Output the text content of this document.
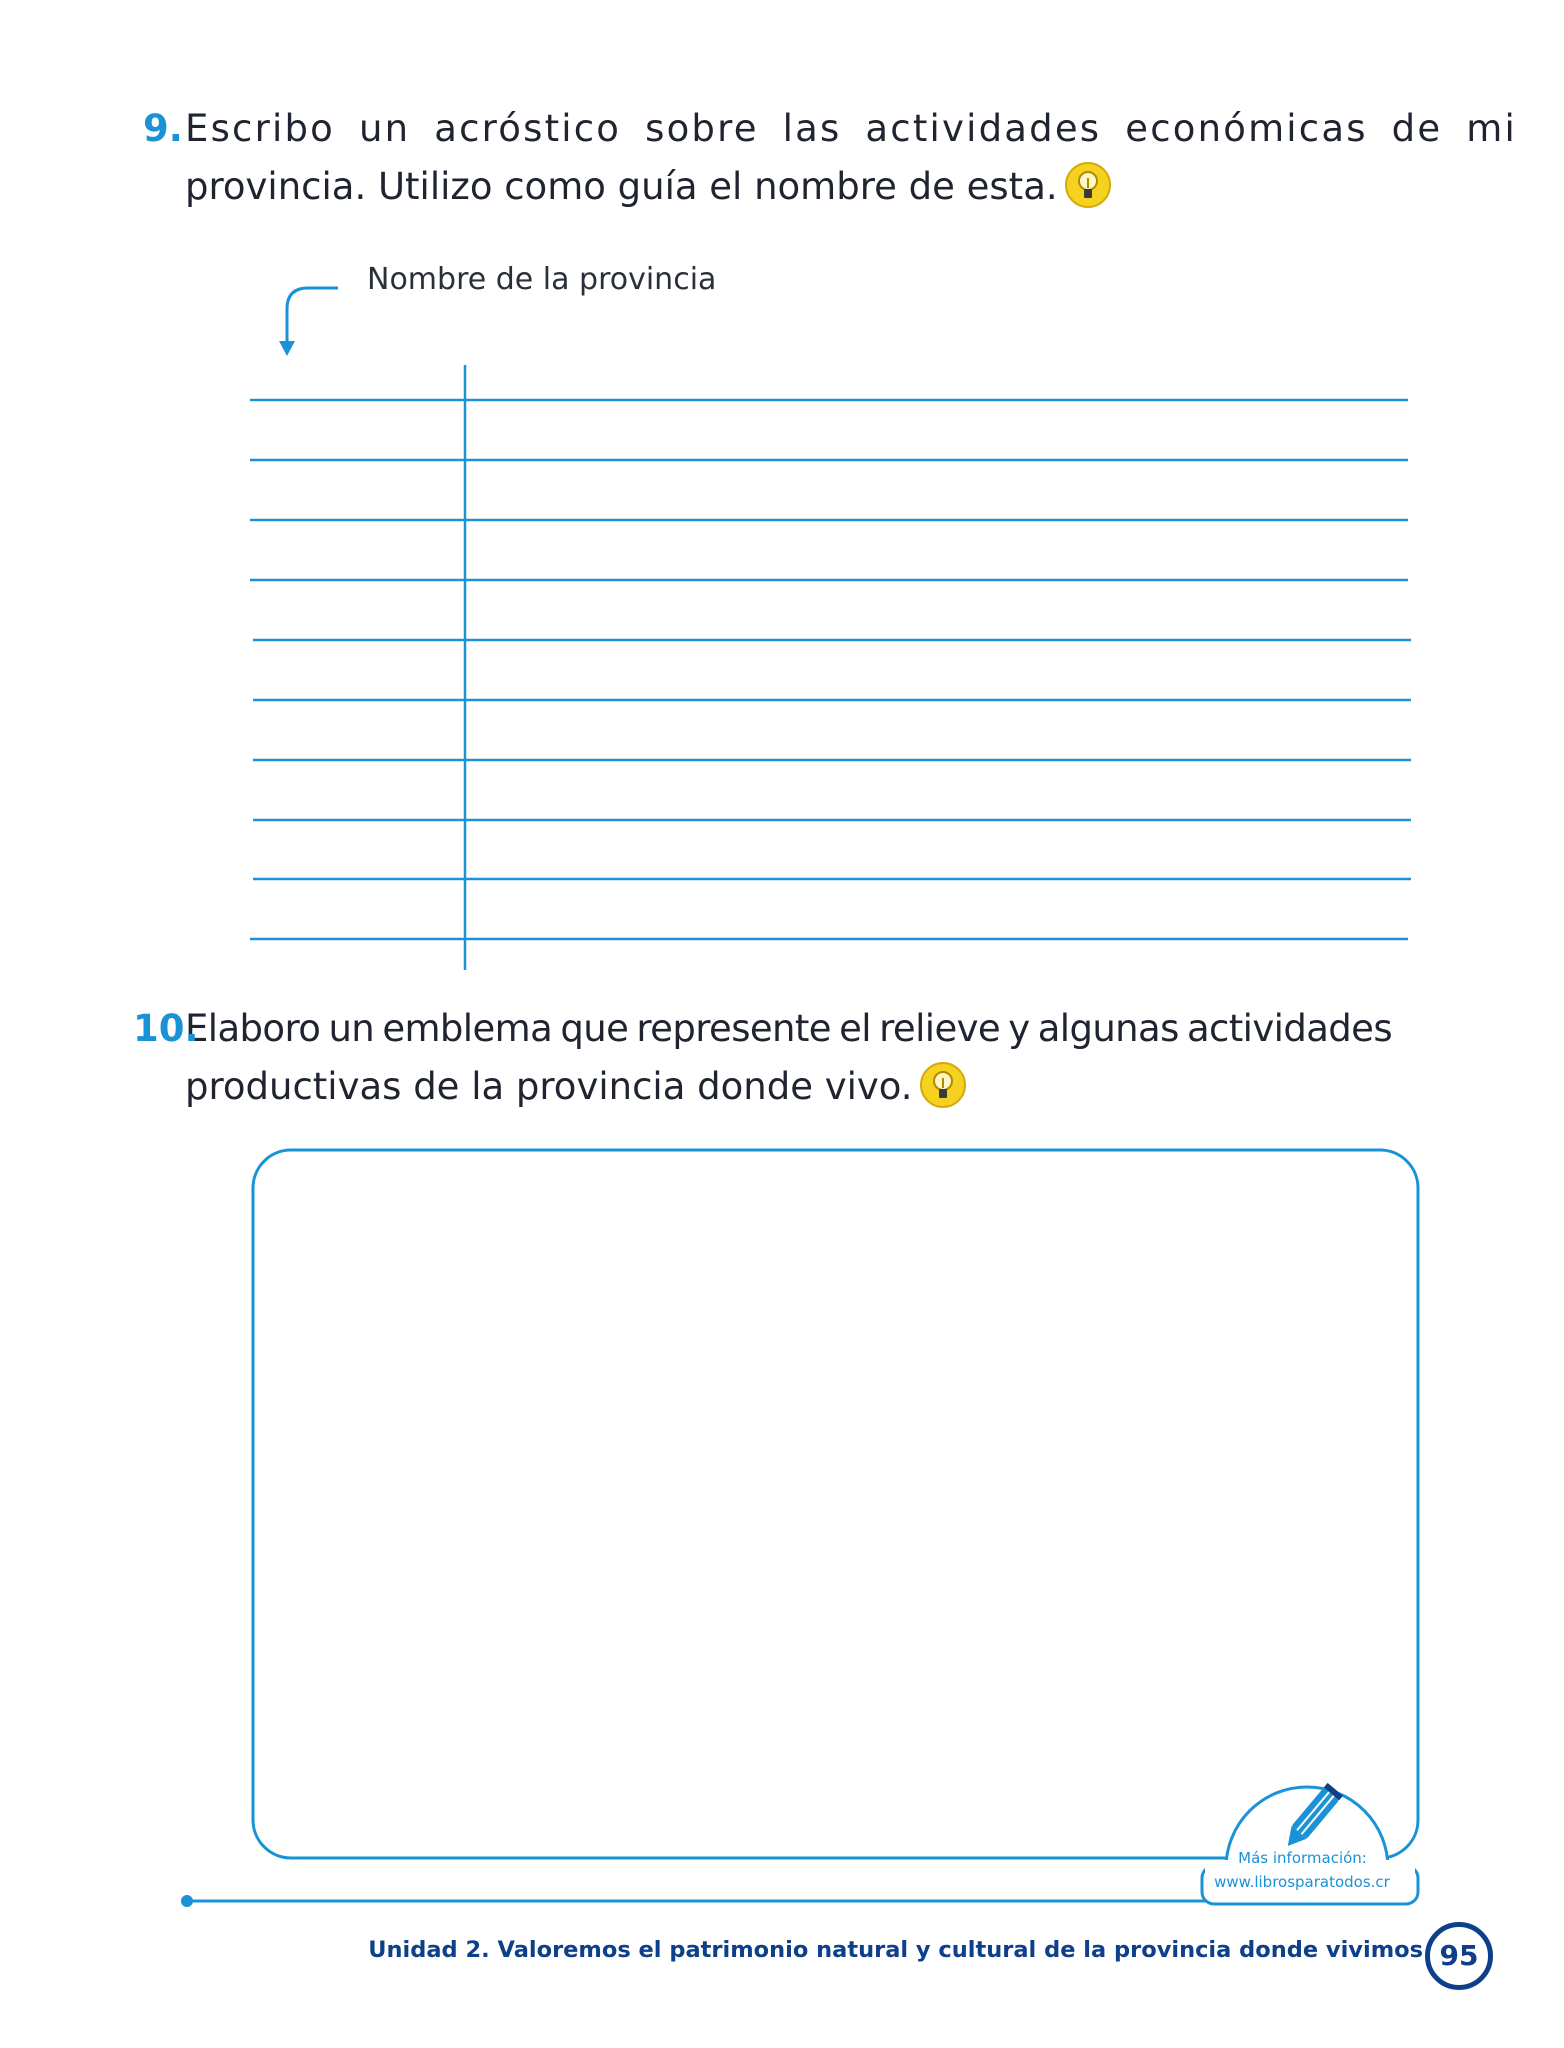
9. Escribo un acróstico sobre las actividades económicas de mi
provincia. Utilizo como guía el nombre de esta.
Nombre de la provincia
10.
Elaboro un emblema que represente el relieve y algunas actividades
productivas de la provincia donde vivo.
Más información:
www.librosparatodos.cr
Unidad 2. Valoremos el patrimonio natural y cultural de la provincia donde vivimos 95
